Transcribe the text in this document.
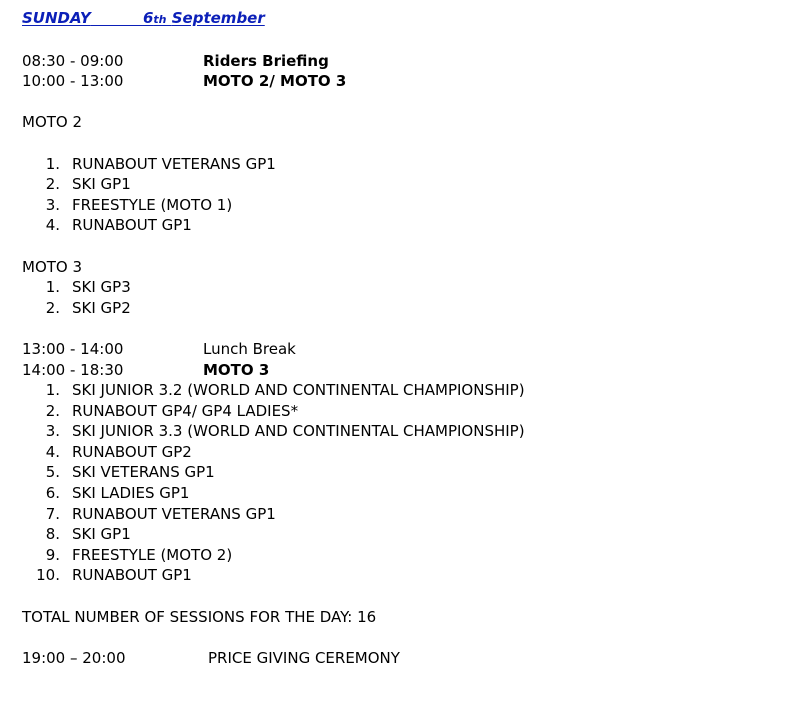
SUNDAY	6th September
08:30 - 09:00	Riders Briefing
10:00 - 13:00	MOTO 2/ MOTO 3
MOTO 2
1. RUNABOUT VETERANS GP1
2. SKI GP1
3. FREESTYLE (MOTO 1)
4. RUNABOUT GP1
MOTO 3
1. SKI GP3
2. SKI GP2
13:00 - 14:00	Lunch Break
14:00 - 18:30	MOTO 3
1. SKI JUNIOR 3.2 (WORLD AND CONTINENTAL CHAMPIONSHIP)
2. RUNABOUT GP4/ GP4 LADIES*
3. SKI JUNIOR 3.3 (WORLD AND CONTINENTAL CHAMPIONSHIP)
4. RUNABOUT GP2
5. SKI VETERANS GP1
6. SKI LADIES GP1
7. RUNABOUT VETERANS GP1
8. SKI GP1
9. FREESTYLE (MOTO 2)
10. RUNABOUT GP1
TOTAL NUMBER OF SESSIONS FOR THE DAY: 16
19:00 – 20:00	PRICE GIVING CEREMONY
